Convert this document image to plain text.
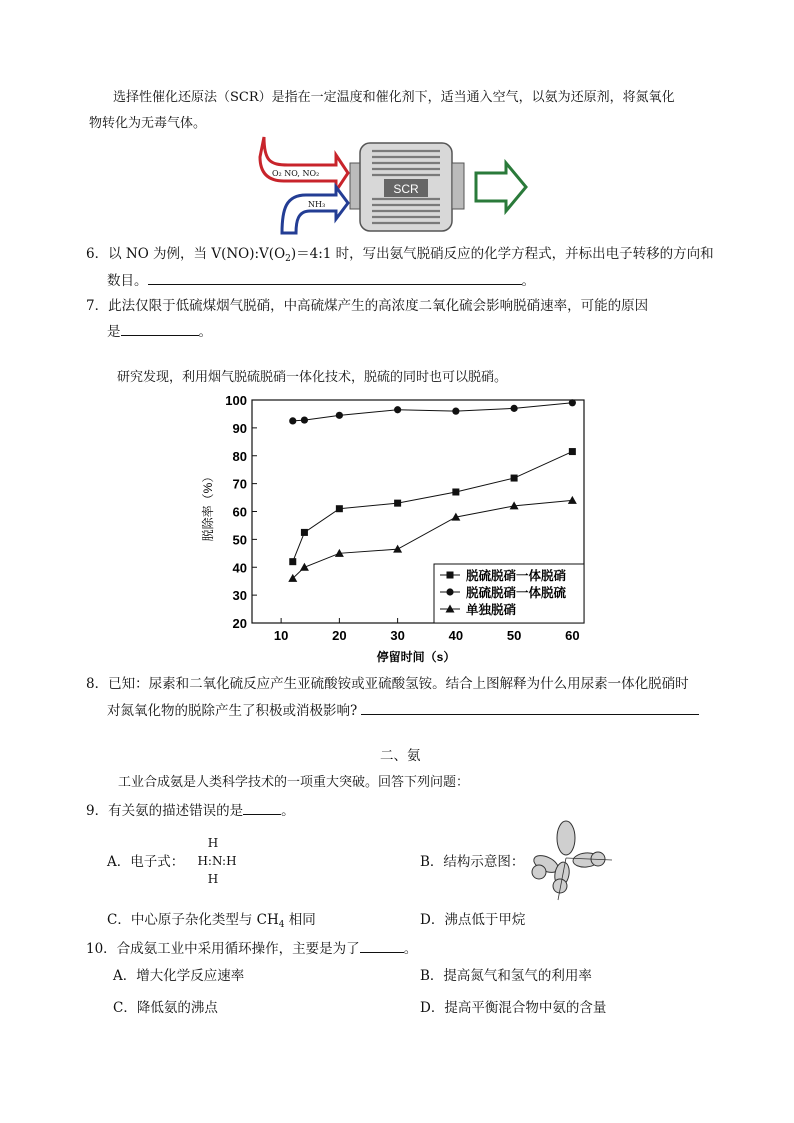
选择性催化还原法（SCR）是指在一定温度和催化剂下，适当通入空气，以氨为还原剂，将氮氧化
物转化为无毒气体。
O₂ NO, NO₂
NH₃
SCR
6．以 NO 为例，当 $V(NO):V(O_2)=4:1$ 时，写出氨气脱硝反应的化学方程式，并标出电子转移的方向和
数目。	。
7．此法仅限于低硫煤烟气脱硝，中高硫煤产生的高浓度二氧化硫会影响脱硝速率，可能的原因
是	。
研究发现，利用烟气脱硫脱硝一体化技术，脱硫的同时也可以脱硝。
脱除率（%）
停留时间（s）
20
30
40
50
60
70
80
90
100
10	20	30	40	50	60
脱硫脱硝一体脱硝
脱硫脱硝一体脱硫
单独脱硝
8．已知：尿素和二氧化硫反应产生亚硫酸铵或亚硫酸氢铵。结合上图解释为什么用尿素一体化脱硝时
对氮氧化物的脱除产生了积极或消极影响?
二、氨
工业合成氨是人类科学技术的一项重大突破。回答下列问题：
9．有关氨的描述错误的是	。
A．电子式：
H
H:N:H
H
B．结构示意图：
C．中心原子杂化类型与 $CH_4$ 相同	D．沸点低于甲烷
10．合成氨工业中采用循环操作，主要是为了	。
A．增大化学反应速率	B．提高氮气和氢气的利用率
C．降低氨的沸点	D．提高平衡混合物中氨的含量
